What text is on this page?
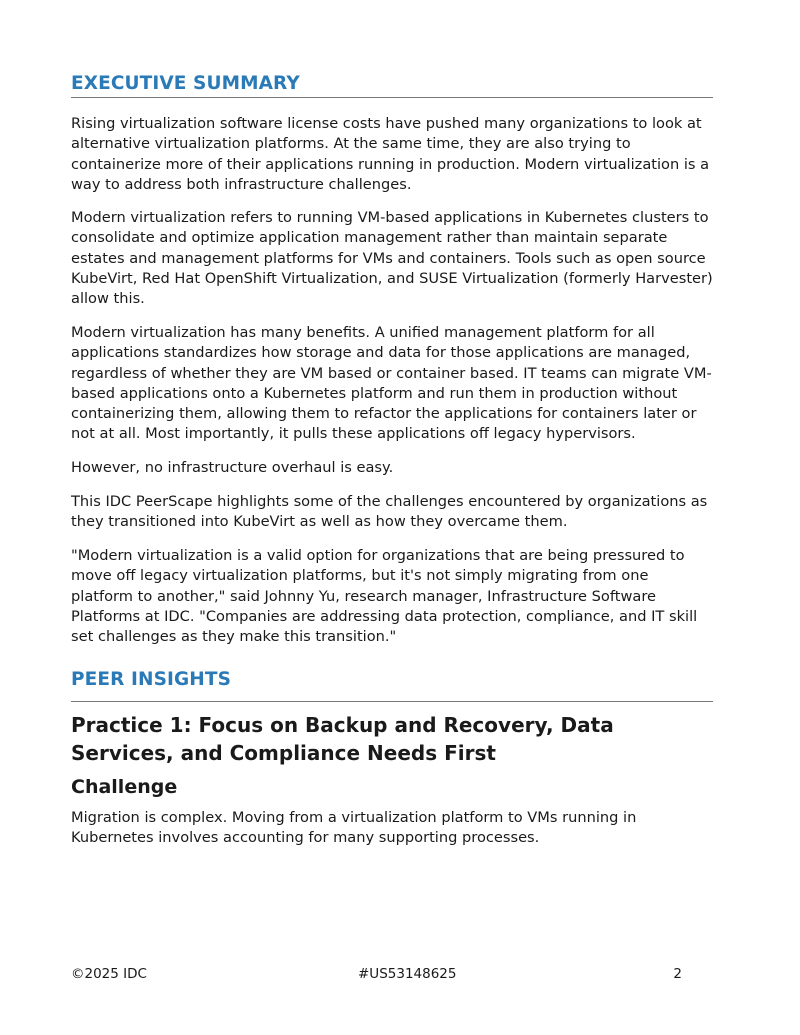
EXECUTIVE SUMMARY

Rising virtualization software license costs have pushed many organizations to look at alternative virtualization platforms. At the same time, they are also trying to containerize more of their applications running in production. Modern virtualization is a way to address both infrastructure challenges.

Modern virtualization refers to running VM-based applications in Kubernetes clusters to consolidate and optimize application management rather than maintain separate estates and management platforms for VMs and containers. Tools such as open source KubeVirt, Red Hat OpenShift Virtualization, and SUSE Virtualization (formerly Harvester) allow this.

Modern virtualization has many benefits. A unified management platform for all applications standardizes how storage and data for those applications are managed, regardless of whether they are VM based or container based. IT teams can migrate VM-based applications onto a Kubernetes platform and run them in production without containerizing them, allowing them to refactor the applications for containers later or not at all. Most importantly, it pulls these applications off legacy hypervisors.

However, no infrastructure overhaul is easy.

This IDC PeerScape highlights some of the challenges encountered by organizations as they transitioned into KubeVirt as well as how they overcame them.

"Modern virtualization is a valid option for organizations that are being pressured to move off legacy virtualization platforms, but it's not simply migrating from one platform to another," said Johnny Yu, research manager, Infrastructure Software Platforms at IDC. "Companies are addressing data protection, compliance, and IT skill set challenges as they make this transition."

PEER INSIGHTS
Practice 1: Focus on Backup and Recovery, Data Services, and Compliance Needs First
Challenge

Migration is complex. Moving from a virtualization platform to VMs running in Kubernetes involves accounting for many supporting processes.

©2025 IDC	#US53148625	2
